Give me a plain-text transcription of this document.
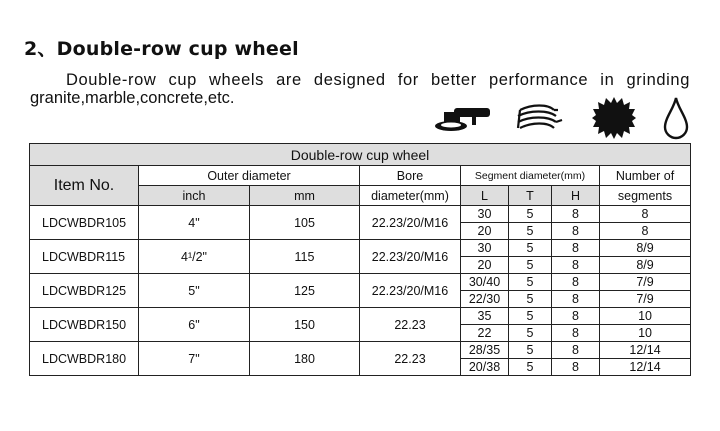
2、Double-row cup wheel
Double-row cup wheels are designed for better performance in grinding
granite,marble,concrete,etc.
Double-row cup wheel							
Item No.	Outer diameter		Bore	Segment diameter(mm)			Number of
	inch	mm	diameter(mm)	L	T	H	segments
LDCWBDR105	4"	105	22.23/20/M16	30	5	8	8
				20	5	8	8
LDCWBDR115	4¹/2"	115	22.23/20/M16	30	5	8	8/9
				20	5	8	8/9
LDCWBDR125	5"	125	22.23/20/M16	30/40	5	8	7/9
				22/30	5	8	7/9
LDCWBDR150	6"	150	22.23	35	5	8	10
				22	5	8	10
LDCWBDR180	7"	180	22.23	28/35	5	8	12/14
				20/38	5	8	12/14
